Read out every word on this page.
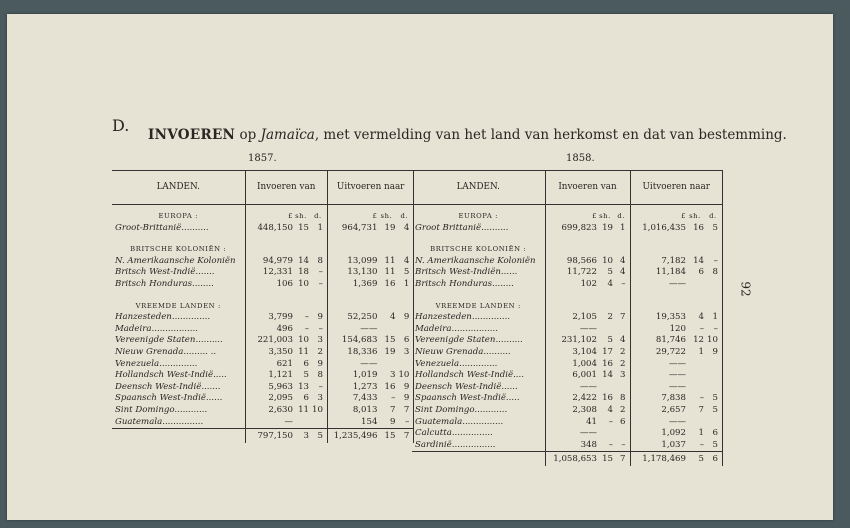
D. INVOEREN op Jamaïca, met vermelding van het land van herkomst en dat van bestemming.
1857.	1858.
92
LANDEN.	Invoeren van			Uitvoeren naar		

EUROPA :	£	sh.	d.	£	sh.	d.
Groot-Brittanië..........	448,150	15	1	964,731	19	4

BRITSCHE KOLONIËN :						
N. Amerikaansche Koloniën	94,979	14	8	13,099	11	4
Britsch West-Indië.......	12,331	18	–	13,130	11	5
Britsch Honduras........	106	10	–	1,369	16	1

VREEMDE LANDEN :						
Hanzesteden..............	3,799	–	9	52,250	4	9
Madeira.................	496	–	–	——		
Vereenigde Staten..........	221,003	10	3	154,683	15	6
Nieuw Grenada......... ..	3,350	11	2	18,336	19	3
Venezuela..............	621	6	9	——		
Hollandsch West-Indië.....	1,121	5	8	1,019	3	10
Deensch West-Indië.......	5,963	13	–	1,273	16	9
Spaansch West-Indië......	2,095	6	3	7,433	–	9
Sint Domingo............	2,630	11	10	8,013	7	7
Guatemala...............	—			154	9	–
	797,150	3	5	1,235,496	15	7
LANDEN.	Invoeren van			Uitvoeren naar		

EUROPA :	£	sh.	d.	£	sh.	d.
Groot Brittanië..........	699,823	19	1	1,016,435	16	5

BRITSCHE KOLONIËN :						
N. Amerikaansche Koloniën	98,566	10	4	7,182	14	–
Britsch West-Indiën......	11,722	5	4	11,184	6	8
Britsch Honduras........	102	4	–	——		

VREEMDE LANDEN :						
Hanzesteden..............	2,105	2	7	19,353	4	1
Madeira.................	——			120	–	–
Vereenigde Staten..........	231,102	5	4	81,746	12	10
Nieuw Grenada..........	3,104	17	2	29,722	1	9
Venezuela..............	1,004	16	2	——		
Hollandsch West-Indië....	6,001	14	3	——		
Deensch West-Indië......	——			——		
Spaansch West-Indië.....	2,422	16	8	7,838	–	5
Sint Domingo............	2,308	4	2	2,657	7	5
Guatemala...............	41	–	6	——		
Calcutta...............	——			1,092	1	6
Sardinië................	348	–	–	1,037	–	5
	1,058,653	15	7	1,178,469	5	6
